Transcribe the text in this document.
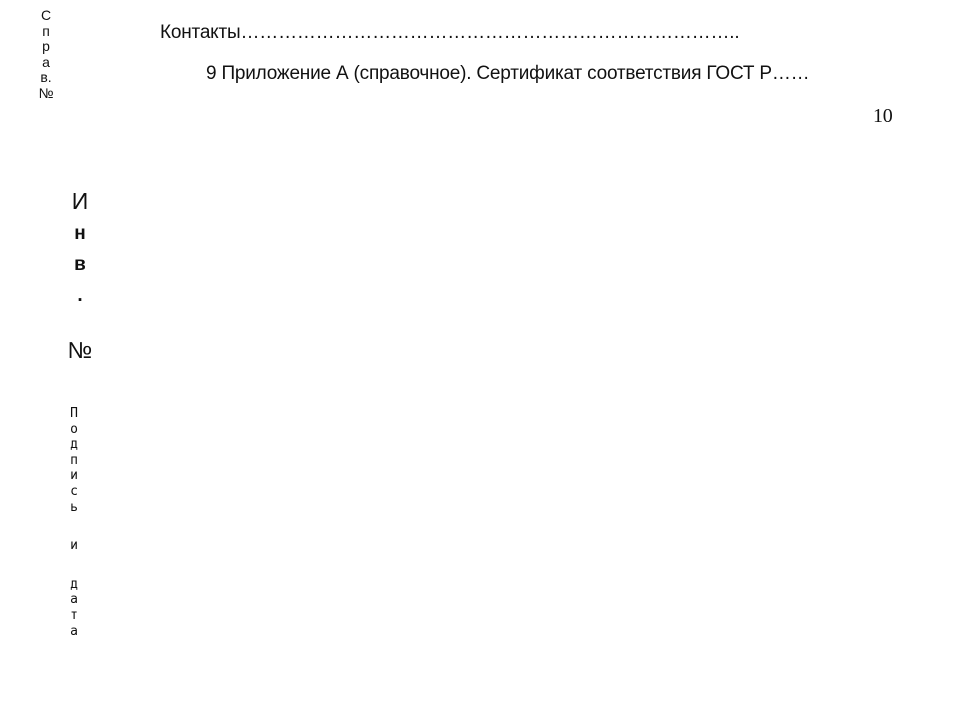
Контакты……………………………………………………………………..
9 Приложение А (справочное). Сертификат соответствия ГОСТ Р……
10
С
п
р
а
в.
№
И
н
в
.
№
П
о
д
п
и
с
ь
и
д
а
т
а
